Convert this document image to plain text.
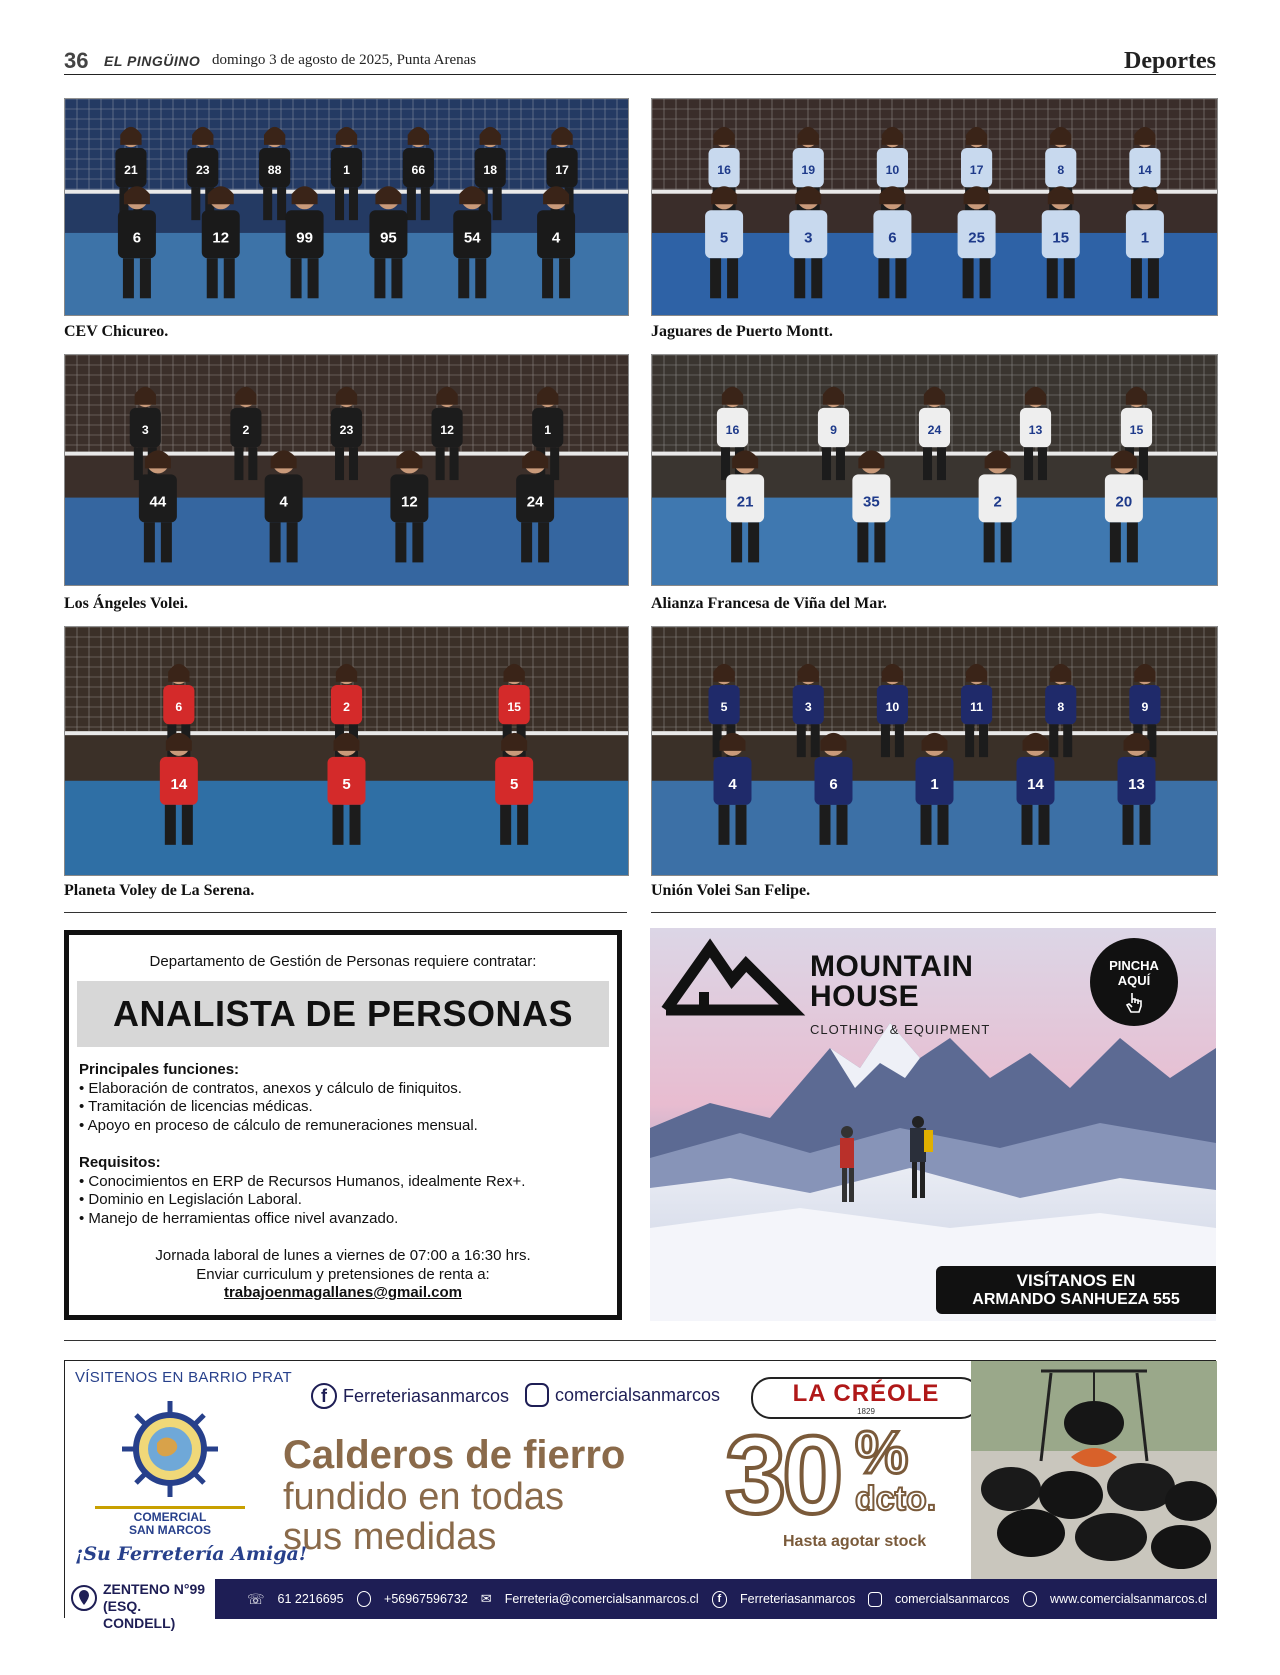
36 EL PINGÜINO domingo 3 de agosto de 2025, Punta Arenas	Deportes
21	23	88	1	66	18	17
6	12	99	95	54	4
CEV Chicureo.
16	19	10	17	8	14
5	3	6	25	15	1
Jaguares de Puerto Montt.
3	2	23	12	1
44	4	12	24
Los Ángeles Volei.
16	9	24	13	15
21	35	2	20
Alianza Francesa de Viña del Mar.
6	2	15
14	5	5
Planeta Voley de La Serena.
5	3	10	11	8	9
4	6	1	14	13
Unión Volei San Felipe.
Departamento de Gestión de Personas requiere contratar:
ANALISTA DE PERSONAS
Principales funciones:
• Elaboración de contratos, anexos y cálculo de finiquitos.
• Tramitación de licencias médicas.
• Apoyo en proceso de cálculo de remuneraciones mensual.
Requisitos:
• Conocimientos en ERP de Recursos Humanos, idealmente Rex+.
• Dominio en Legislación Laboral.
• Manejo de herramientas office nivel avanzado.
Jornada laboral de lunes a viernes de 07:00 a 16:30 hrs.
Enviar curriculum y pretensiones de renta a:
trabajoenmagallanes@gmail.com
MOUNTAIN
HOUSE
CLOTHING & EQUIPMENT
PINCHA
AQUÍ
VISÍTANOS EN
ARMANDO SANHUEZA 555
VÍSITENOS EN BARRIO PRAT
COMERCIAL
SAN MARCOS
¡Su Ferretería Amiga!
ZENTENO N°99
(ESQ. CONDELL)
☏ 61 2216695	+56967596732 ✉ Ferreteria@comercialsanmarcos.cl	f	Ferreteriasanmarcos	comercialsanmarcos	www.comercialsanmarcos.cl
f Ferreteriasanmarcos	comercialsanmarcos	LA CRÉOLE
1829
Calderos de fierro
fundido en todas
sus medidas 30 %
dcto.
Hasta agotar stock
